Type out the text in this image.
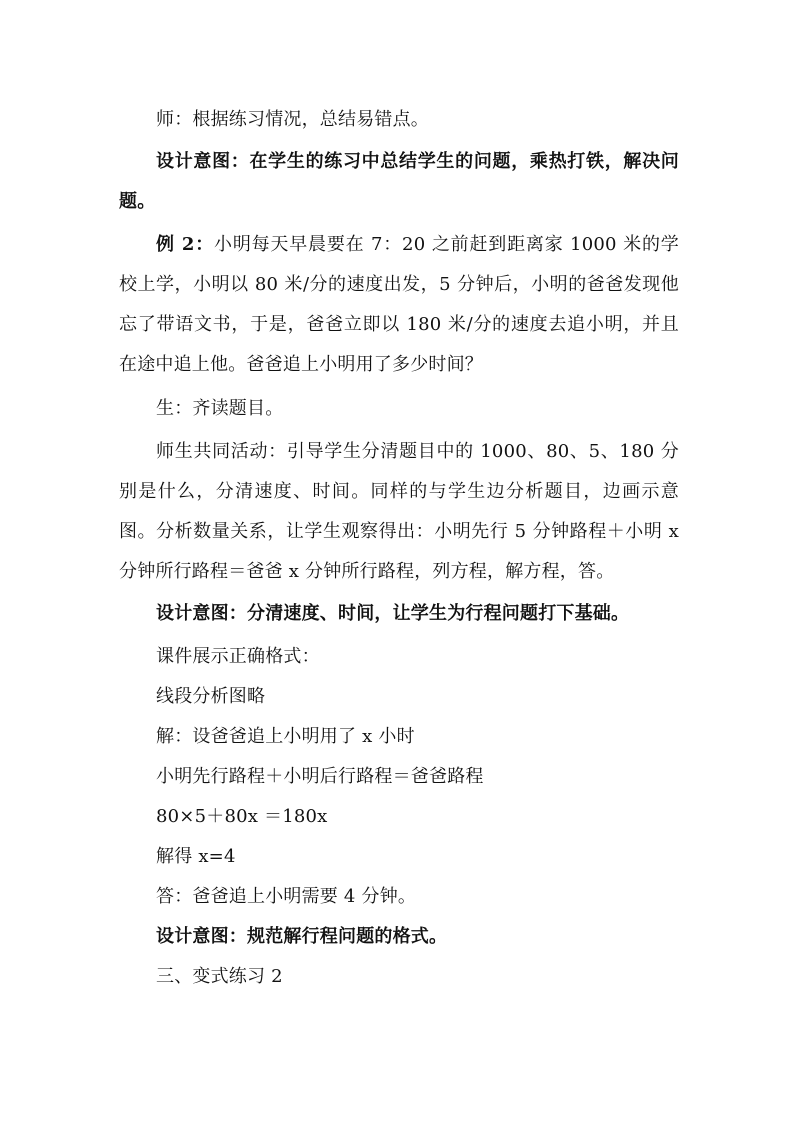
师：根据练习情况，总结易错点。

设计意图：在学生的练习中总结学生的问题，乘热打铁，解决问题。

例 2：小明每天早晨要在 7：20 之前赶到距离家 1000 米的学校上学，小明以 80 米/分的速度出发，5 分钟后，小明的爸爸发现他忘了带语文书，于是，爸爸立即以 180 米/分的速度去追小明，并且在途中追上他。爸爸追上小明用了多少时间？

生：齐读题目。

师生共同活动：引导学生分清题目中的 1000、80、5、180 分别是什么，分清速度、时间。同样的与学生边分析题目，边画示意图。分析数量关系，让学生观察得出：小明先行 5 分钟路程＋小明 x 分钟所行路程＝爸爸 x 分钟所行路程，列方程，解方程，答。

设计意图：分清速度、时间，让学生为行程问题打下基础。

课件展示正确格式：

线段分析图略

解：设爸爸追上小明用了 x 小时

小明先行路程＋小明后行路程＝爸爸路程

80×5＋80x ＝180x

解得 x=4

答：爸爸追上小明需要 4 分钟。

设计意图：规范解行程问题的格式。

三、变式练习 2
